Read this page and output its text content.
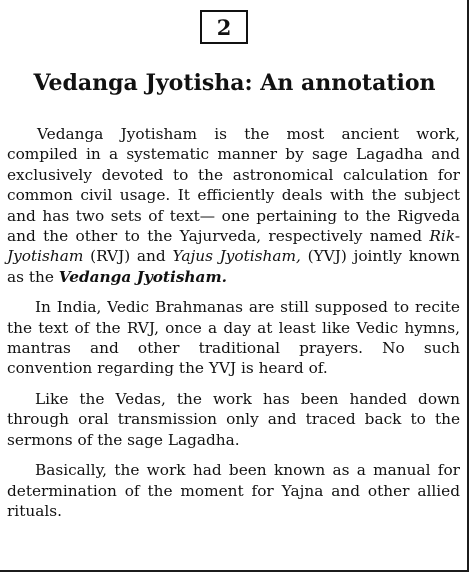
2
Vedanga Jyotisha: An annotation

Vedanga Jyotisham is the most ancient work, compiled in a systematic manner by sage Lagadha and exclusively devoted to the astronomical calculation for common civil usage. It efficiently deals with the subject and has two sets of text— one pertaining to the Rigveda and the other to the Yajurveda, respectively named Rik-Jyotisham (RVJ) and Yajus Jyotisham, (YVJ) jointly known as the Vedanga Jyotisham.

In India, Vedic Brahmanas are still supposed to recite the text of the RVJ, once a day at least like Vedic hymns, mantras and other traditional prayers. No such convention regarding the YVJ is heard of.

Like the Vedas, the work has been handed down through oral transmission only and traced back to the sermons of the sage Lagadha.

Basically, the work had been known as a manual for determination of the moment for Yajna and other allied rituals.
